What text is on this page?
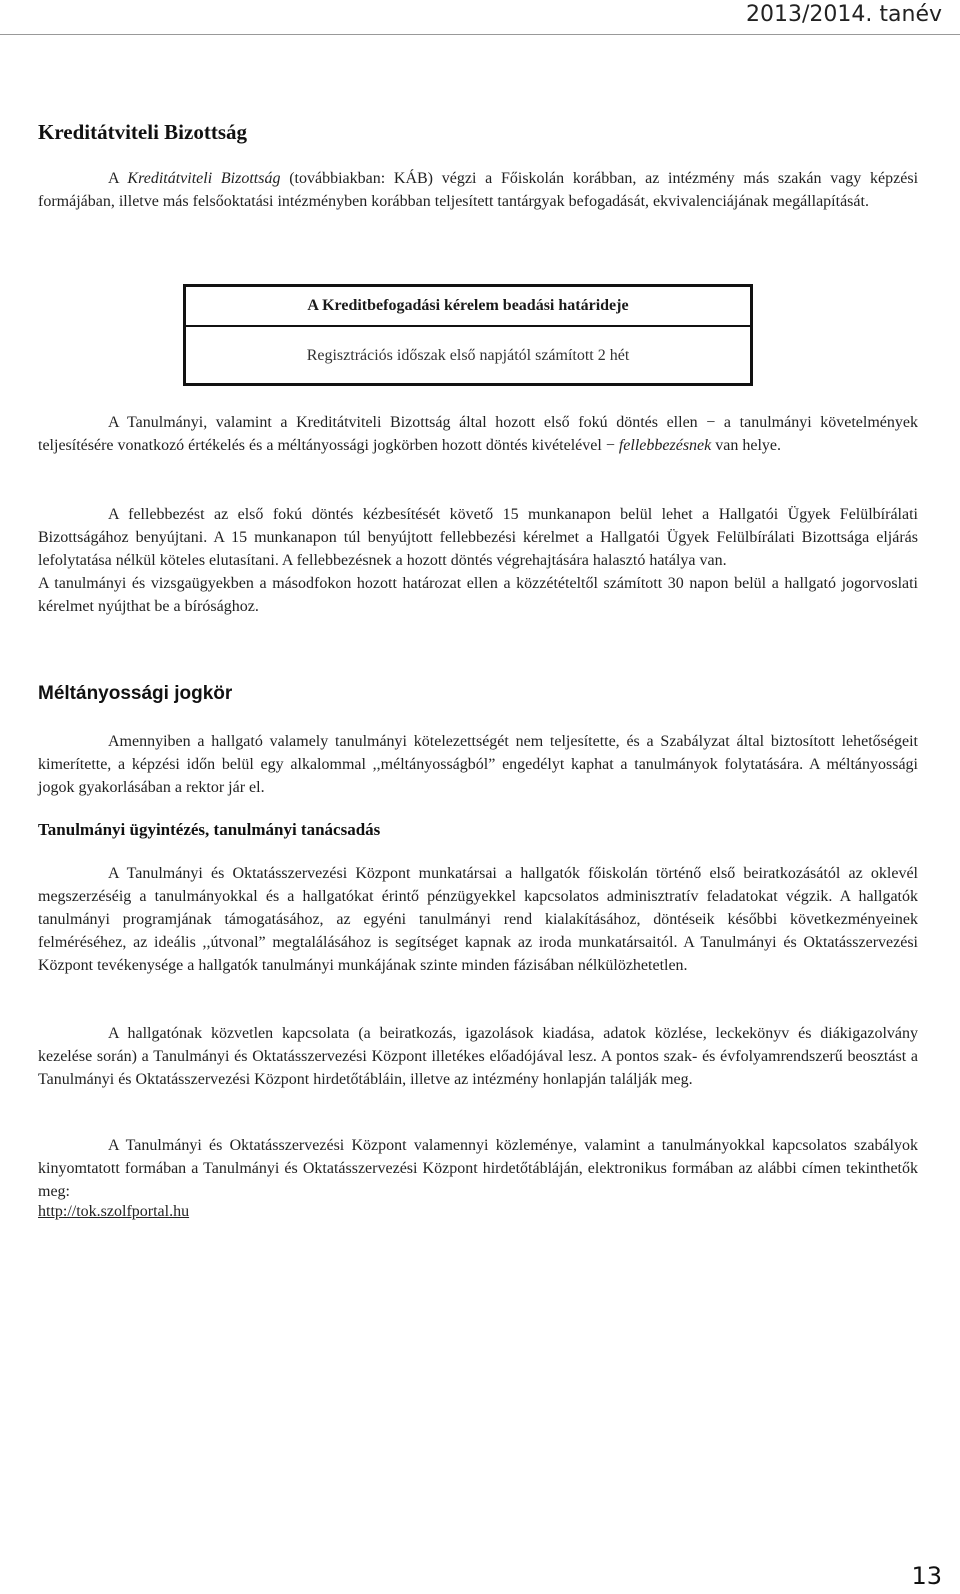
2013/2014. tanév
Kreditátviteli Bizottság

A Kreditátviteli Bizottság (továbbiakban: KÁB) végzi a Főiskolán korábban, az intézmény más szakán vagy képzési formájában, illetve más felsőoktatási intézményben korábban teljesített tantárgyak befogadását, ekvivalenciájának megállapítását.

A Kreditbefogadási kérelem beadási határideje
Regisztrációs időszak első napjától számított 2 hét

A Tanulmányi, valamint a Kreditátviteli Bizottság által hozott első fokú döntés ellen − a tanulmányi követelmények teljesítésére vonatkozó értékelés és a méltányossági jogkörben hozott döntés kivételével − fellebbezésnek van helye.

A fellebbezést az első fokú döntés kézbesítését követő 15 munkanapon belül lehet a Hallgatói Ügyek Felülbírálati Bizottságához benyújtani. A 15 munkanapon túl benyújtott fellebbezési kérelmet a Hallgatói Ügyek Felülbírálati Bizottsága eljárás lefolytatása nélkül köteles elutasítani. A fellebbezésnek a hozott döntés végrehajtására halasztó hatálya van.

A tanulmányi és vizsgaügyekben a másodfokon hozott határozat ellen a közzétételtől számított 30 napon belül a hallgató jogorvoslati kérelmet nyújthat be a bírósághoz.

Méltányossági jogkör

Amennyiben a hallgató valamely tanulmányi kötelezettségét nem teljesítette, és a Szabályzat által biztosított lehetőségeit kimerítette, a képzési időn belül egy alkalommal ,,méltányosságból” engedélyt kaphat a tanulmányok folytatására. A méltányossági jogok gyakorlásában a rektor jár el.

Tanulmányi ügyintézés, tanulmányi tanácsadás

A Tanulmányi és Oktatásszervezési Központ munkatársai a hallgatók főiskolán történő első beiratkozásától az oklevél megszerzéséig a tanulmányokkal és a hallgatókat érintő pénzügyekkel kapcsolatos adminisztratív feladatokat végzik. A hallgatók tanulmányi programjának támogatásához, az egyéni tanulmányi rend kialakításához, döntéseik későbbi következményeinek felméréséhez, az ideális ,,útvonal” megtalálásához is segítséget kapnak az iroda munkatársaitól. A Tanulmányi és Oktatásszervezési Központ tevékenysége a hallgatók tanulmányi munkájának szinte minden fázisában nélkülözhetetlen.

A hallgatónak közvetlen kapcsolata (a beiratkozás, igazolások kiadása, adatok közlése, leckekönyv és diákigazolvány kezelése során) a Tanulmányi és Oktatásszervezési Központ illetékes előadójával lesz. A pontos szak- és évfolyamrendszerű beosztást a Tanulmányi és Oktatásszervezési Központ hirdetőtábláin, illetve az intézmény honlapján találják meg.

A Tanulmányi és Oktatásszervezési Központ valamennyi közleménye, valamint a tanulmányokkal kapcsolatos szabályok kinyomtatott formában a Tanulmányi és Oktatásszervezési Központ hirdetőtábláján, elektronikus formában az alábbi címen tekinthetők meg:

http://tok.szolfportal.hu
13
